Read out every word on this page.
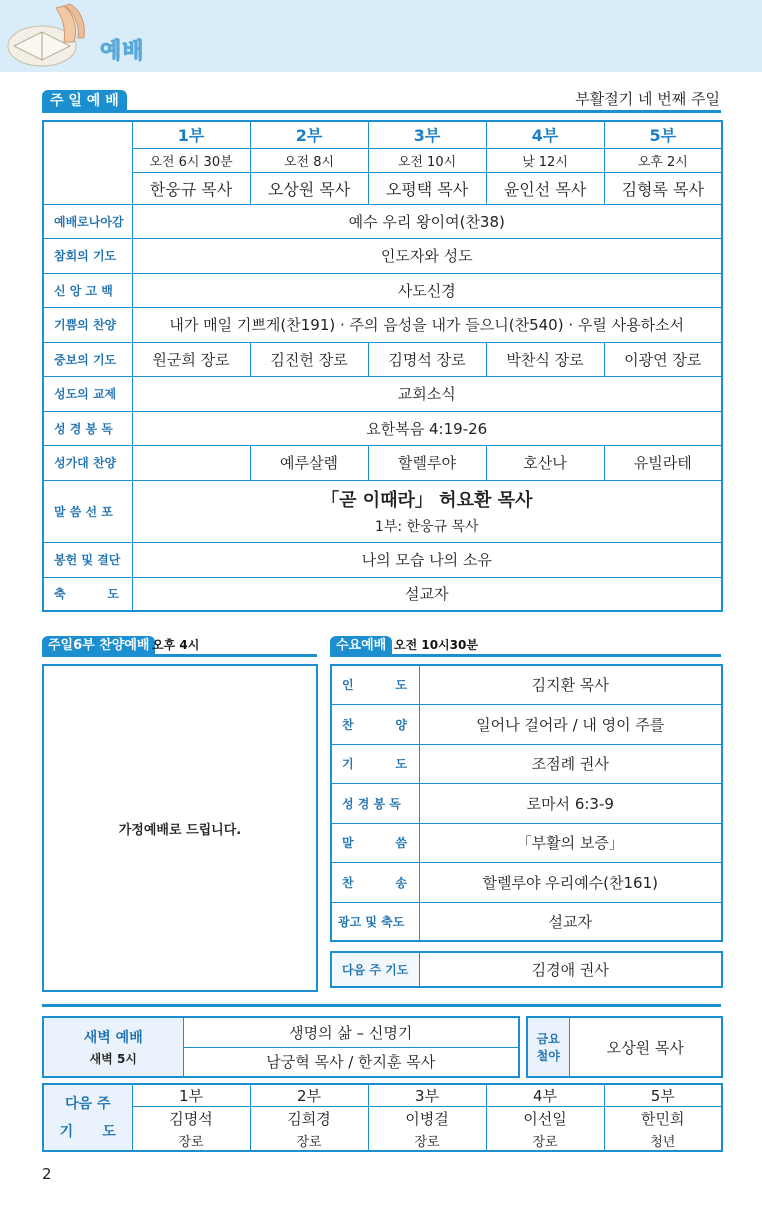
예배
주 일 예 배	부활절기 네 번째 주일
	1부	2부	3부	4부	5부
	오전 6시 30분	오전 8시	오전 10시	낮 12시	오후 2시
	한웅규 목사	오상원 목사	오평택 목사	윤인선 목사	김형록 목사
예배로나아감	예수 우리 왕이여(찬38)				
참회의 기도	인도자와 성도				
신 앙 고 백	사도신경				
기쁨의 찬양	내가 매일 기쁘게(찬191) · 주의 음성을 내가 들으니(찬540) · 우릴 사용하소서				
중보의 기도	원군희 장로	김진헌 장로	김명석 장로	박찬식 장로	이광연 장로
성도의 교제	교회소식				
성 경 봉 독	요한복음 4:19-26				
성가대 찬양		예루살렘	할렐루야	호산나	유빌라테
말 씀 선 포	「곧 이때라」 허요환 목사
1부: 한웅규 목사				

봉헌 및 결단	나의 모습 나의 소유				
축          도	설교자				
주일6부 찬양예배 오후 4시
가정예배로 드립니다.
수요예배 오전 10시30분
인          도	김지환 목사
찬          양	일어나 걸어라 / 내 영이 주를
기          도	조점례 권사
성 경 봉 독	로마서 6:3-9
말          씀	「부활의 보증」
찬          송	할렐루야 우리예수(찬161)
광고 및 축도	설교자
다음 주 기도	김경애 권사
새벽 예배
새벽 5시
	생명의 삶 – 신명기
남궁혁 목사 / 한지훈 목사
금요
철야	오상원 목사
다음 주
기      도	1부	2부	3부	4부	5부
	김명석	김희경	이병걸	이선일	한민희
	장로	장로	장로	장로	청년
2
